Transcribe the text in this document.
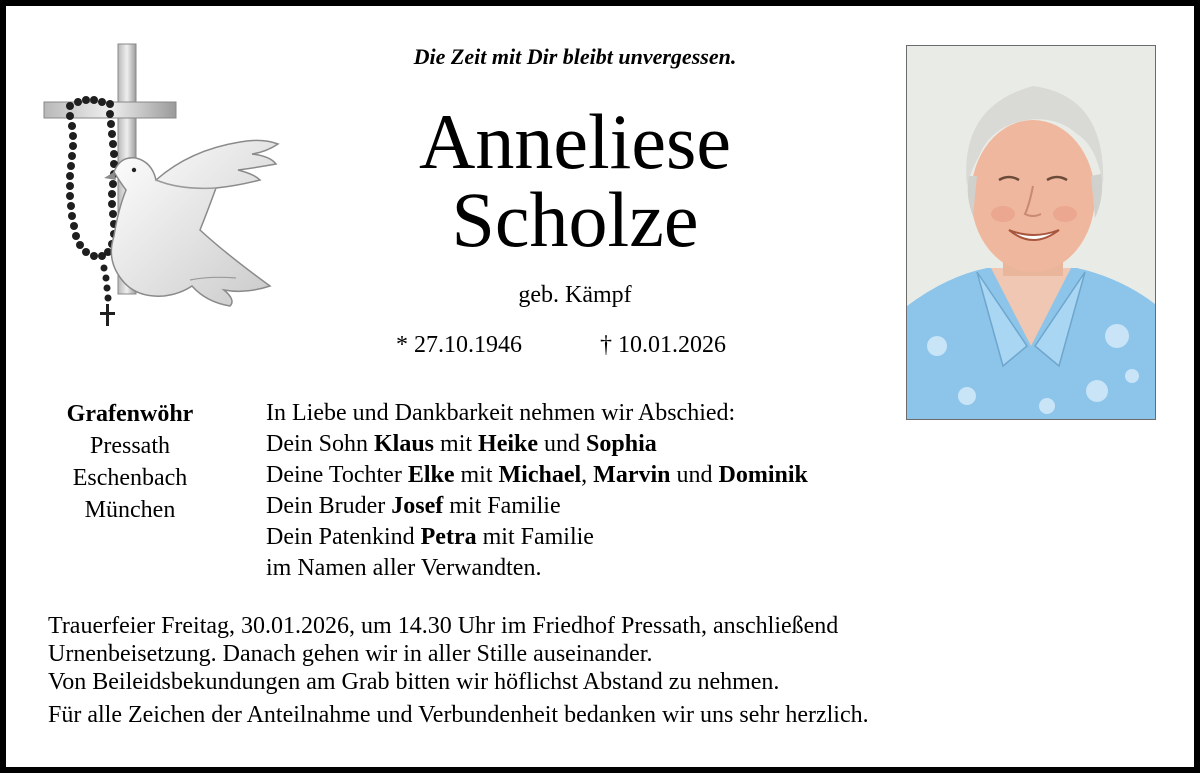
Die Zeit mit Dir bleibt unvergessen.
Anneliese
Scholze
geb. Kämpf
* 27.10.1946	† 10.01.2026
Grafenwöhr
Pressath
Eschenbach
München
In Liebe und Dankbarkeit nehmen wir Abschied:
Dein Sohn Klaus mit Heike und Sophia
Deine Tochter Elke mit Michael, Marvin und Dominik
Dein Bruder Josef mit Familie
Dein Patenkind Petra mit Familie
im Namen aller Verwandten.
Trauerfeier Freitag, 30.01.2026, um 14.30 Uhr im Friedhof Pressath, anschließend
Urnenbeisetzung. Danach gehen wir in aller Stille auseinander.
Von Beileidsbekundungen am Grab bitten wir höflichst Abstand zu nehmen.
Für alle Zeichen der Anteilnahme und Verbundenheit bedanken wir uns sehr herzlich.
